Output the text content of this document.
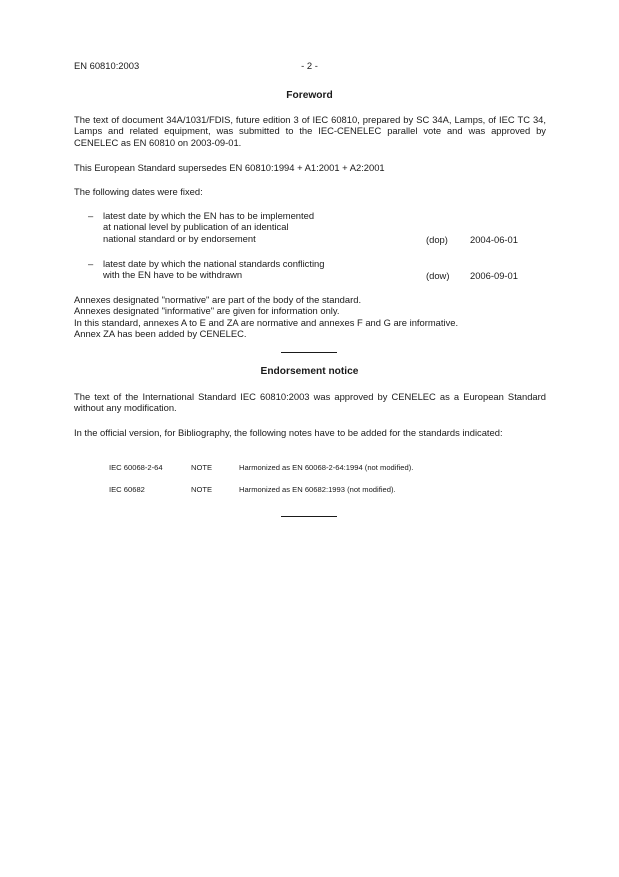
EN 60810:2003	- 2 -
Foreword
The text of document 34A/1031/FDIS, future edition 3 of IEC 60810, prepared by SC 34A, Lamps, of IEC TC 34, Lamps and related equipment, was submitted to the IEC-CENELEC parallel vote and was approved by CENELEC as EN 60810 on 2003-09-01.
This European Standard supersedes EN 60810:1994 + A1:2001 + A2:2001
The following dates were fixed:
– latest date by which the EN has to be implemented
at national level by publication of an identical
national standard or by endorsement	(dop) 2004-06-01
– latest date by which the national standards conflicting
with the EN have to be withdrawn	(dow) 2006-09-01
Annexes designated "normative" are part of the body of the standard.
Annexes designated "informative" are given for information only.
In this standard, annexes A to E and ZA are normative and annexes F and G are informative.
Annex ZA has been added by CENELEC.
Endorsement notice
The text of the International Standard IEC 60810:2003 was approved by CENELEC as a European Standard without any modification.
In the official version, for Bibliography, the following notes have to be added for the standards indicated:
IEC 60068-2-64	NOTE	Harmonized as EN 60068-2-64:1994 (not modified).
IEC 60682	NOTE	Harmonized as EN 60682:1993 (not modified).
